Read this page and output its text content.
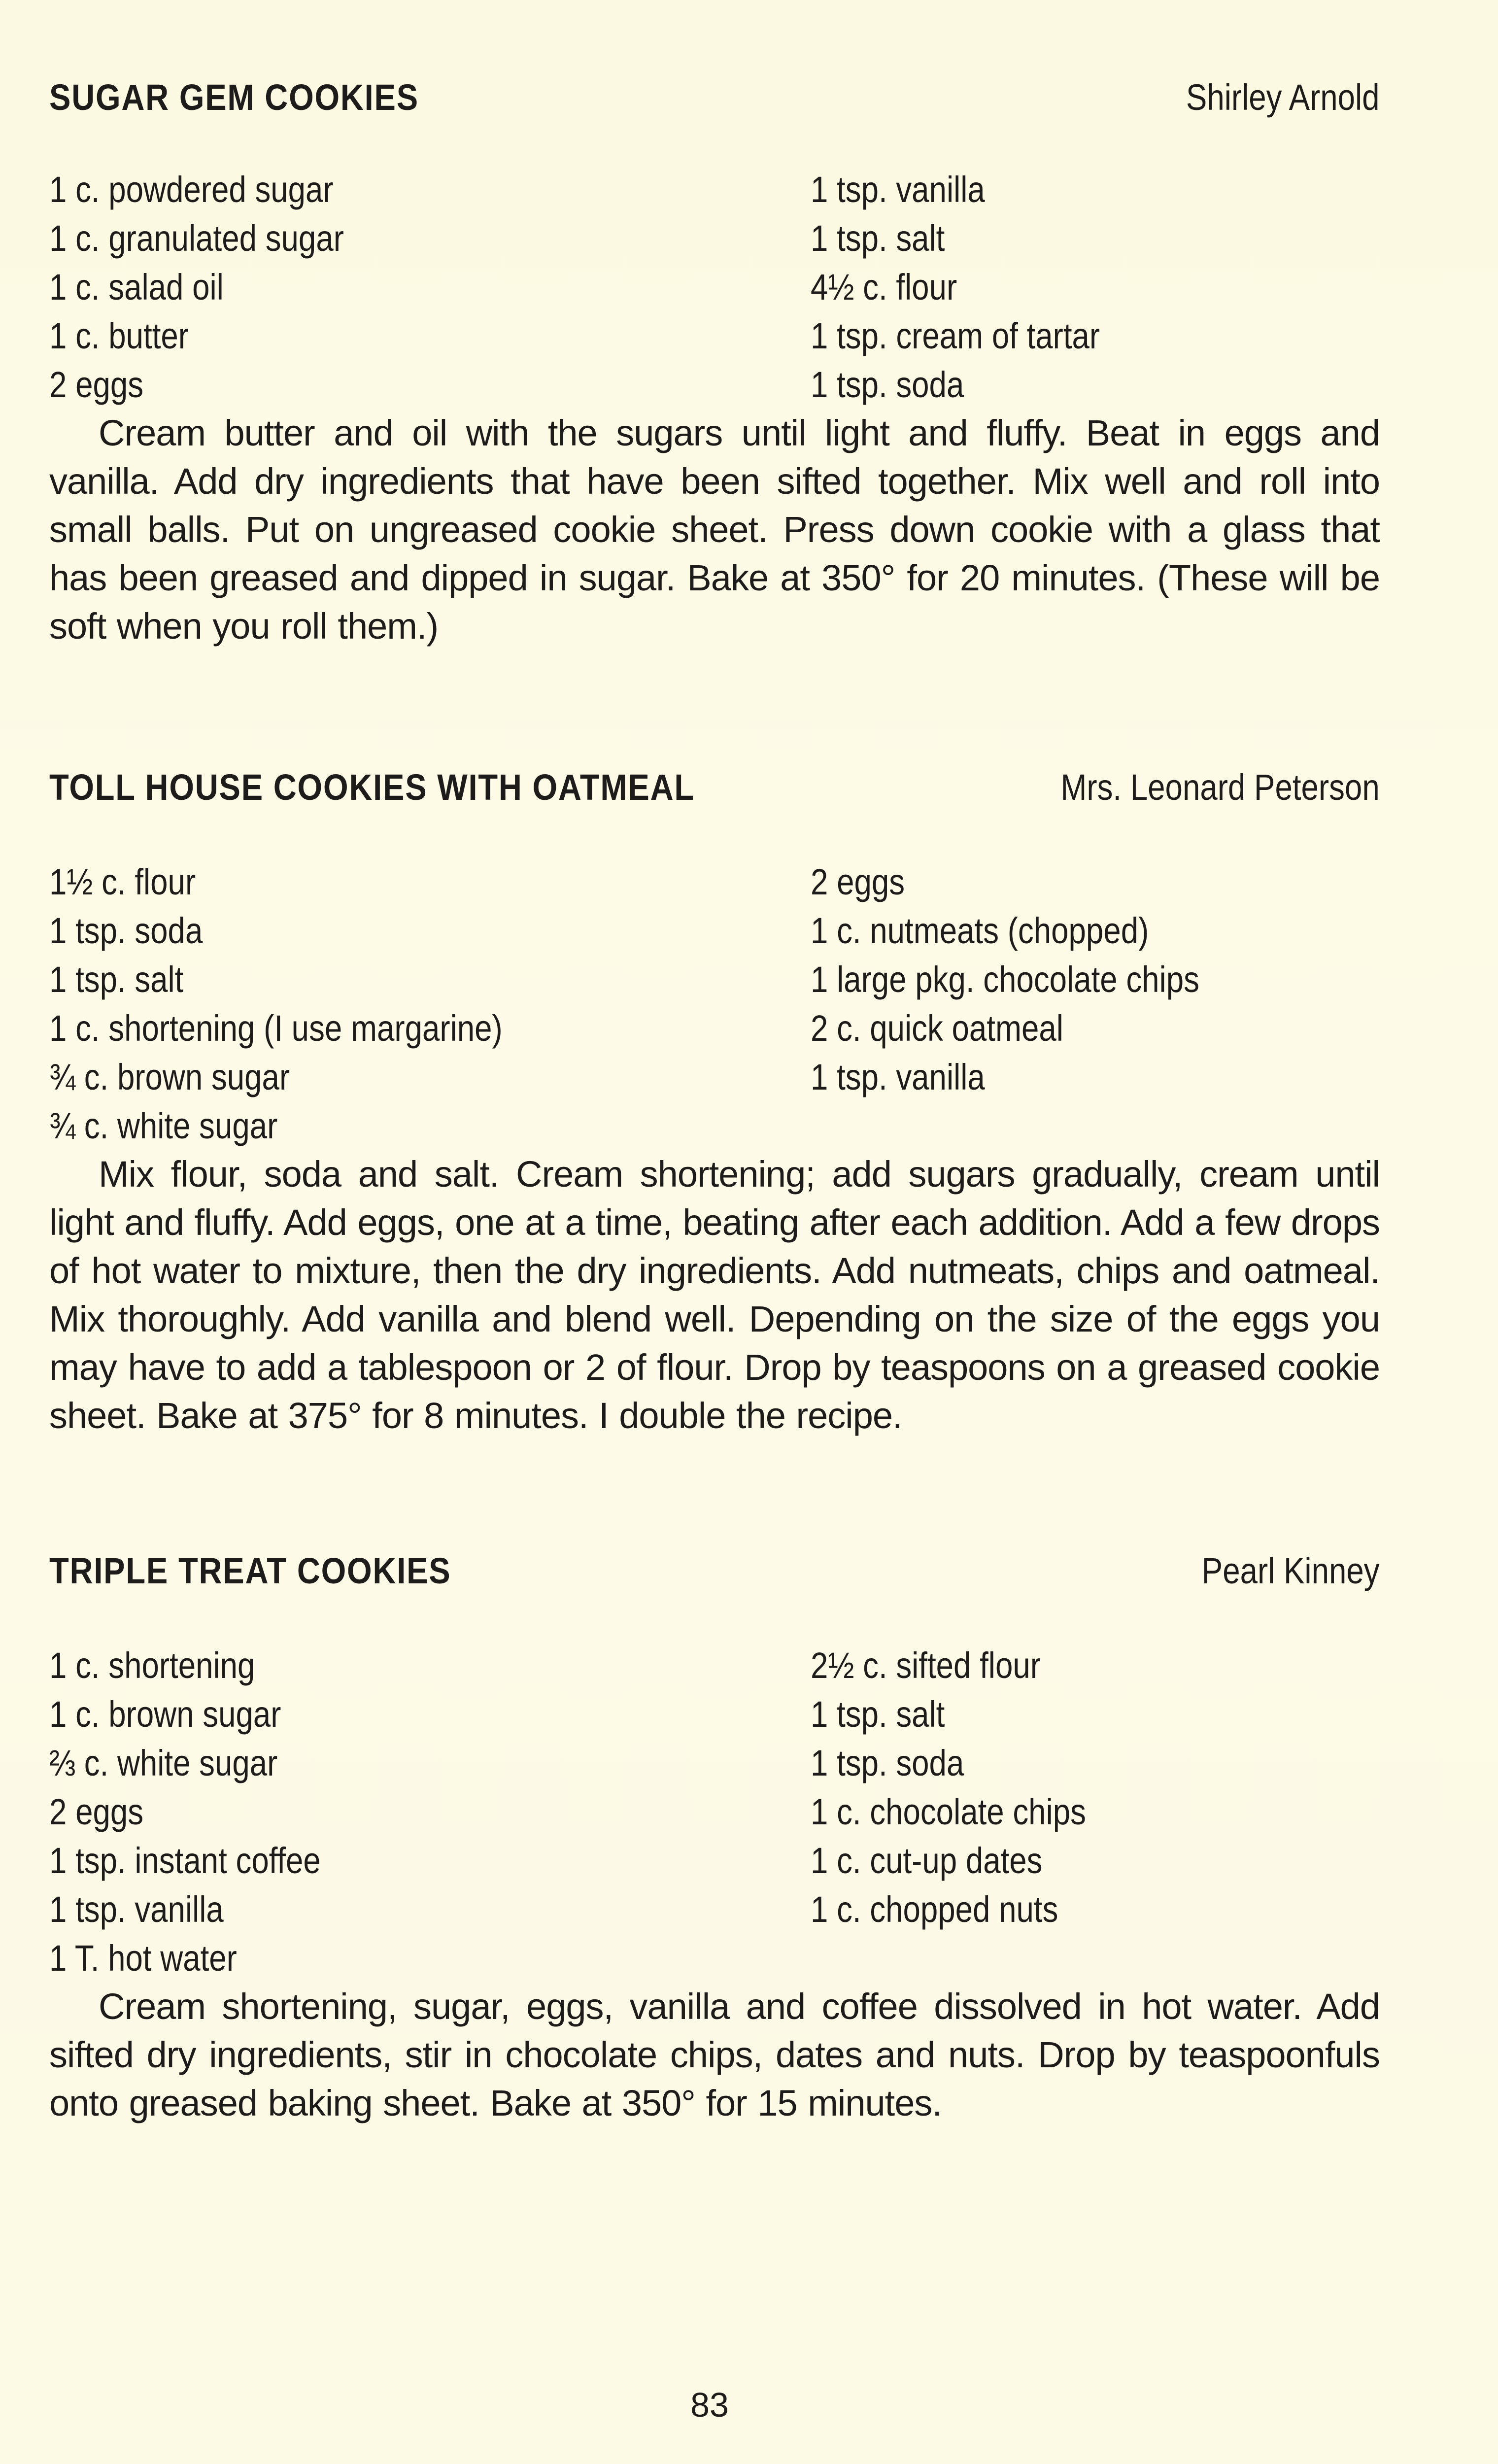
SUGAR GEM COOKIES	Shirley Arnold
1 c. powdered sugar
1 c. granulated sugar
1 c. salad oil
1 c. butter
2 eggs
1 tsp. vanilla
1 tsp. salt
4½ c. flour
1 tsp. cream of tartar
1 tsp. soda

Cream butter and oil with the sugars until light and fluffy. Beat in eggs and vanilla. Add dry ingredients that have been sifted together. Mix well and roll into small balls. Put on ungreased cookie sheet. Press down cookie with a glass that has been greased and dipped in sugar. Bake at 350° for 20 minutes. (These will be soft when you roll them.)

TOLL HOUSE COOKIES WITH OATMEAL	Mrs. Leonard Peterson
1½ c. flour
1 tsp. soda
1 tsp. salt
1 c. shortening (I use margarine)
¾ c. brown sugar
¾ c. white sugar
2 eggs
1 c. nutmeats (chopped)
1 large pkg. chocolate chips
2 c. quick oatmeal
1 tsp. vanilla

Mix flour, soda and salt. Cream shortening; add sugars gradually, cream until light and fluffy. Add eggs, one at a time, beating after each addition. Add a few drops of hot water to mixture, then the dry ingredients. Add nutmeats, chips and oatmeal. Mix thoroughly. Add vanilla and blend well. Depending on the size of the eggs you may have to add a tablespoon or 2 of flour. Drop by teaspoons on a greased cookie sheet. Bake at 375° for 8 minutes. I double the recipe.

TRIPLE TREAT COOKIES	Pearl Kinney
1 c. shortening
1 c. brown sugar
⅔ c. white sugar
2 eggs
1 tsp. instant coffee
1 tsp. vanilla
1 T. hot water
2½ c. sifted flour
1 tsp. salt
1 tsp. soda
1 c. chocolate chips
1 c. cut-up dates
1 c. chopped nuts

Cream shortening, sugar, eggs, vanilla and coffee dissolved in hot water. Add sifted dry ingredients, stir in chocolate chips, dates and nuts. Drop by teaspoonfuls onto greased baking sheet. Bake at 350° for 15 minutes.

83
